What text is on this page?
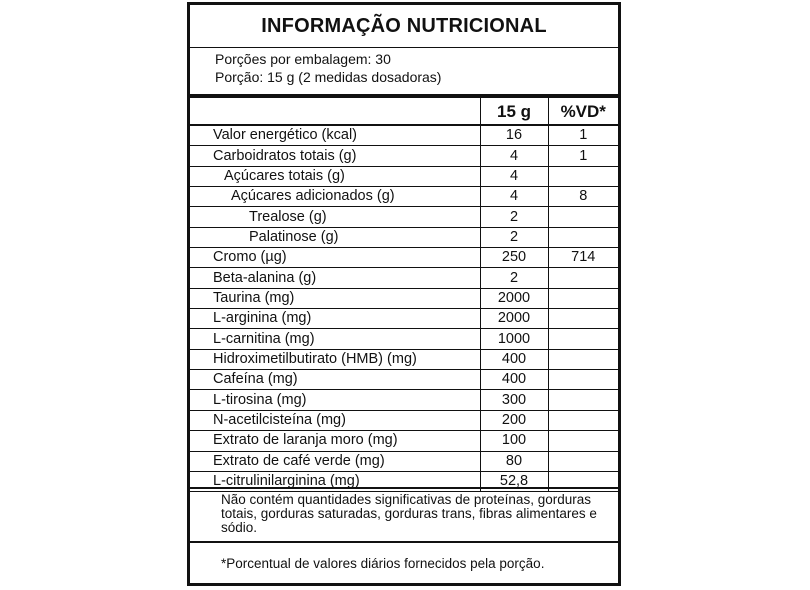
INFORMAÇÃO NUTRICIONAL
Porções por embalagem: 30
Porção: 15 g (2 medidas dosadoras)
	15 g	%VD*
Valor energético (kcal)	16	1
Carboidratos totais (g)	4	1
Açúcares totais (g)	4	
Açúcares adicionados (g)	4	8
Trealose (g)	2	
Palatinose (g)	2	
Cromo (µg)	250	714
Beta-alanina (g)	2	
Taurina (mg)	2000	
L-arginina (mg)	2000	
L-carnitina (mg)	1000	
Hidroximetilbutirato (HMB) (mg)	400	
Cafeína (mg)	400	
L-tirosina (mg)	300	
N-acetilcisteína (mg)	200	
Extrato de laranja moro (mg)	100	
Extrato de café verde (mg)	80	
L-citrulinilarginina (mg)	52,8	
Não contém quantidades significativas de proteínas, gorduras totais, gorduras saturadas, gorduras trans, fibras alimentares e sódio.
*Porcentual de valores diários fornecidos pela porção.
